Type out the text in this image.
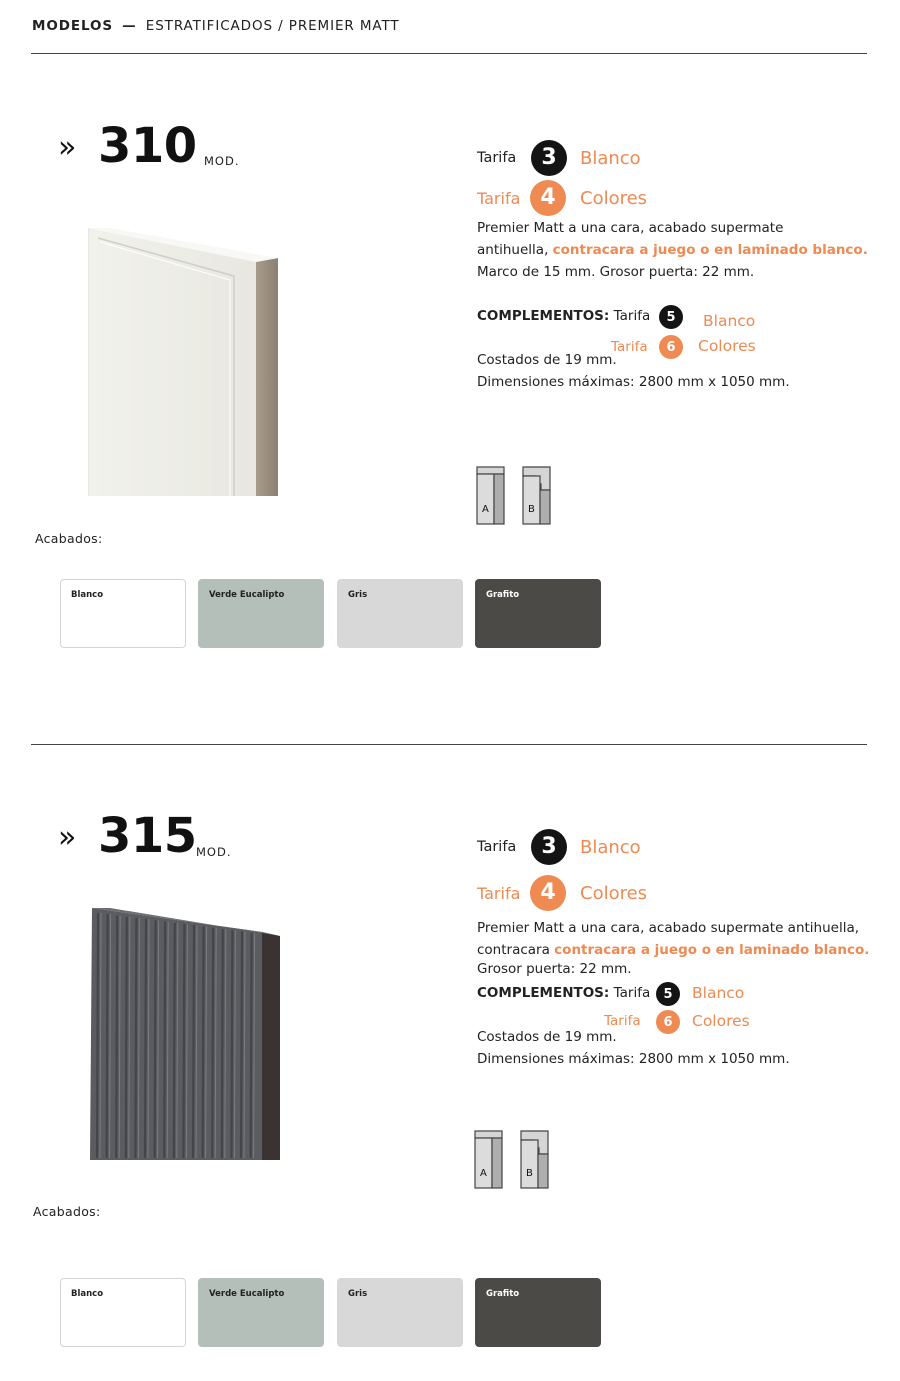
MODELOS — ESTRATIFICADOS / PREMIER MATT
» 310 MOD.	Tarifa	3	Blanco
Tarifa 4	Colores
Premier Matt a una cara, acabado supermate
antihuella, contracara a juego o en laminado blanco.
Marco de 15 mm. Grosor puerta: 22 mm.
COMPLEMENTOS: Tarifa	5	Blanco
Tarifa	6	Colores
Costados de 19 mm.
Dimensiones máximas: 2800 mm x 1050 mm.
A	B
Acabados:
Blanco	Verde Eucalipto	Gris	Grafito
» 315 MOD.	Tarifa	3	Blanco
Tarifa 4	Colores
Premier Matt a una cara, acabado supermate antihuella,
contracara contracara a juego o en laminado blanco.
Grosor puerta: 22 mm.
COMPLEMENTOS: Tarifa	5	Blanco
Tarifa	6	Colores
Costados de 19 mm.
Dimensiones máximas: 2800 mm x 1050 mm.
A	B
Acabados:
Blanco	Verde Eucalipto	Gris	Grafito
